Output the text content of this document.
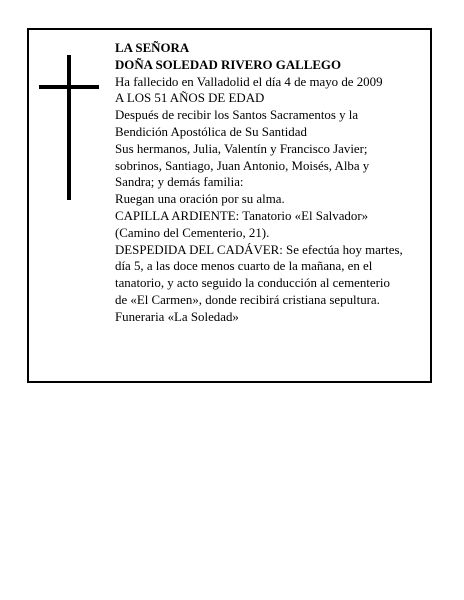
LA SEÑORA
DOÑA SOLEDAD RIVERO GALLEGO
Ha fallecido en Valladolid el día 4 de mayo de 2009
A LOS 51 AÑOS DE EDAD
Después de recibir los Santos Sacramentos y la
Bendición Apostólica de Su Santidad
Sus hermanos, Julia, Valentín y Francisco Javier;
sobrinos, Santiago, Juan Antonio, Moisés, Alba y
Sandra; y demás familia:
Ruegan una oración por su alma.
CAPILLA ARDIENTE: Tanatorio «El Salvador»
(Camino del Cementerio, 21).
DESPEDIDA DEL CADÁVER: Se efectúa hoy martes,
día 5, a las doce menos cuarto de la mañana, en el
tanatorio, y acto seguido la conducción al cementerio
de «El Carmen», donde recibirá cristiana sepultura.
Funeraria «La Soledad»
